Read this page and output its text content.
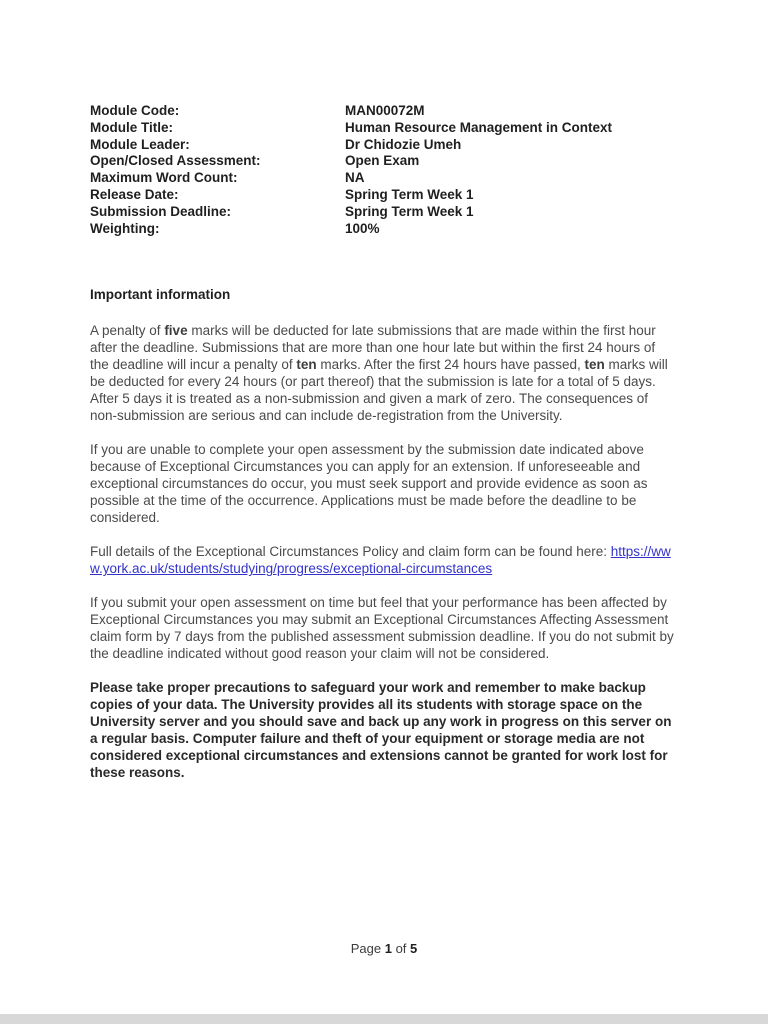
Module Code:	MAN00072M
Module Title:	Human Resource Management in Context
Module Leader:	Dr Chidozie Umeh
Open/Closed Assessment:	Open Exam
Maximum Word Count:	NA
Release Date:	Spring Term Week 1
Submission Deadline:	Spring Term Week 1
Weighting:	100%
Important information

A penalty of five marks will be deducted for late submissions that are made within the first hour after the deadline. Submissions that are more than one hour late but within the first 24 hours of the deadline will incur a penalty of ten marks. After the first 24 hours have passed, ten marks will be deducted for every 24 hours (or part thereof) that the submission is late for a total of 5 days. After 5 days it is treated as a non-submission and given a mark of zero. The consequences of non-submission are serious and can include de-registration from the University.

If you are unable to complete your open assessment by the submission date indicated above because of Exceptional Circumstances you can apply for an extension. If unforeseeable and exceptional circumstances do occur, you must seek support and provide evidence as soon as possible at the time of the occurrence. Applications must be made before the deadline to be considered.

Full details of the Exceptional Circumstances Policy and claim form can be found here: https://www.york.ac.uk/students/studying/progress/exceptional-circumstances

If you submit your open assessment on time but feel that your performance has been affected by Exceptional Circumstances you may submit an Exceptional Circumstances Affecting Assessment claim form by 7 days from the published assessment submission deadline. If you do not submit by the deadline indicated without good reason your claim will not be considered.

Please take proper precautions to safeguard your work and remember to make backup copies of your data. The University provides all its students with storage space on the University server and you should save and back up any work in progress on this server on a regular basis. Computer failure and theft of your equipment or storage media are not considered exceptional circumstances and extensions cannot be granted for work lost for these reasons.

Page 1 of 5
